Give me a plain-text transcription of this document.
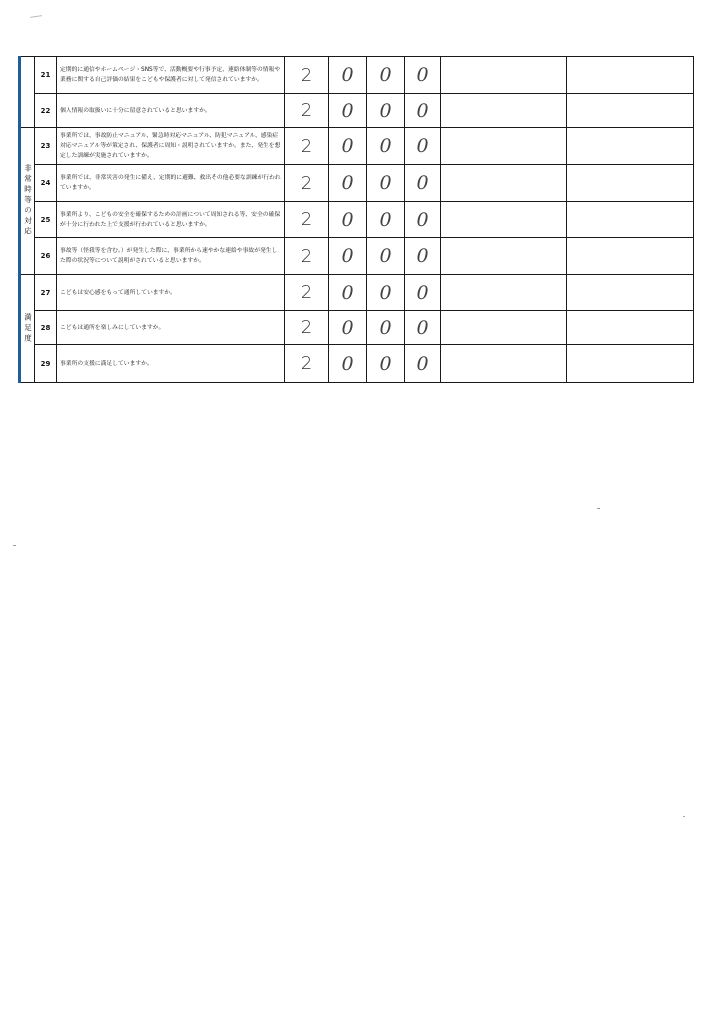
	21	定期的に通信やホームページ・SNS等で、活動概要や行事予定、連絡体制等の情報や業務に関する自己評価の結果をこどもや保護者に対して発信されていますか。	2	0	0	0		
	22	個人情報の取扱いに十分に留意されていると思いますか。	2	0	0	0		

非常時等の対応	23	事業所では、事故防止マニュアル、緊急時対応マニュアル、防犯マニュアル、感染症対応マニュアル等が策定され、保護者に周知・説明されていますか。また、発生を想定した訓練が実施されていますか。	2	0	0	0		
	24	事業所では、非常災害の発生に備え、定期的に避難、救出その他必要な訓練が行われていますか。	2	0	0	0		
	25	事業所より、こどもの安全を確保するための計画について周知される等、安全の確保が十分に行われた上で支援が行われていると思いますか。	2	0	0	0		
	26	事故等（怪我等を含む。）が発生した際に、事業所から速やかな連絡や事故が発生した際の状況等について説明がされていると思いますか。	2	0	0	0		

満足度	27	こどもは安心感をもって通所していますか。	2	0	0	0		
	28	こどもは通所を楽しみにしていますか。	2	0	0	0		
	29	事業所の支援に満足していますか。	2	0	0	0		
